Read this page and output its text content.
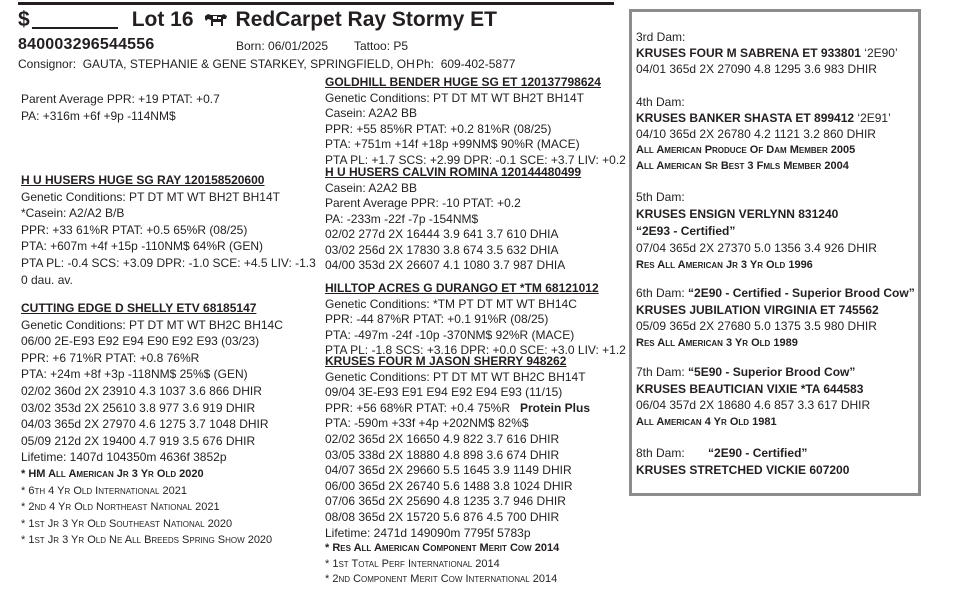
$	Lot 16 RedCarpet Ray Stormy ET
840003296544556	Born: 06/01/2025 Tattoo: P5
Consignor: GAUTA, STEPHANIE & GENE STARKEY, SPRINGFIELD, OH Ph: 609-402-5877
Parent Average PPR: +19 PTAT: +0.7
PA: +316m +6f +9p -114NM$
H U HUSERS HUGE SG RAY 120158520600
Genetic Conditions: PT DT MT WT BH2T BH14T
*Casein: A2/A2 B/B
PPR: +33 61%R PTAT: +0.5 65%R (08/25)
PTA: +607m +4f +15p -110NM$ 64%R (GEN)
PTA PL: -0.4 SCS: +3.09 DPR: -1.0 SCE: +4.5 LIV: -1.3
0 dau. av.
CUTTING EDGE D SHELLY ETV 68185147
Genetic Conditions: PT DT MT WT BH2C BH14C
06/00 2E-E93 E92 E94 E90 E92 E93 (03/23)
PPR: +6 71%R PTAT: +0.8 76%R
PTA: +24m +8f +3p -118NM$ 25%$ (GEN)
02/02 360d 2X 23910 4.3 1037 3.6 866 DHIR
03/02 353d 2X 25610 3.8 977 3.6 919 DHIR
04/03 365d 2X 27970 4.6 1275 3.7 1048 DHIR
05/09 212d 2X 19400 4.7 919 3.5 676 DHIR
Lifetime: 1407d 104350m 4636f 3852p
* HM All American Jr 3 Yr Old 2020
* 6th 4 Yr Old International 2021
* 2nd 4 Yr Old Northeast National 2021
* 1st Jr 3 Yr Old Southeast National 2020
* 1st Jr 3 Yr Old Ne All Breeds Spring Show 2020
GOLDHILL BENDER HUGE SG ET 120137798624
Genetic Conditions: PT DT MT WT BH2T BH14T
Casein: A2A2 BB
PPR: +55 85%R PTAT: +0.2 81%R (08/25)
PTA: +751m +14f +18p +99NM$ 90%R (MACE)
PTA PL: +1.7 SCS: +2.99 DPR: -0.1 SCE: +3.7 LIV: +0.2
H U HUSERS CALVIN ROMINA 120144480499
Casein: A2A2 BB
Parent Average PPR: -10 PTAT: +0.2
PA: -233m -22f -7p -154NM$
02/02 277d 2X 16444 3.9 641 3.7 610 DHIA
03/02 256d 2X 17830 3.8 674 3.5 632 DHIA
04/00 353d 2X 26607 4.1 1080 3.7 987 DHIA
HILLTOP ACRES G DURANGO ET *TM 68121012
Genetic Conditions: *TM PT DT MT WT BH14C
PPR: -44 87%R PTAT: +0.1 91%R (08/25)
PTA: -497m -24f -10p -370NM$ 92%R (MACE)
PTA PL: -1.8 SCS: +3.16 DPR: +0.0 SCE: +3.0 LIV: +1.2
KRUSES FOUR M JASON SHERRY 948262
Genetic Conditions: PT DT MT WT BH2C BH14T
09/04 3E-E93 E91 E94 E92 E94 E93 (11/15)
PPR: +56 68%R PTAT: +0.4 75%R Protein Plus
PTA: -590m +33f +4p +202NM$ 82%$
02/02 365d 2X 16650 4.9 822 3.7 616 DHIR
03/05 338d 2X 18880 4.8 898 3.6 674 DHIR
04/07 365d 2X 29660 5.5 1645 3.9 1149 DHIR
06/00 365d 2X 26740 5.6 1488 3.8 1024 DHIR
07/06 365d 2X 25690 4.8 1235 3.7 946 DHIR
08/08 365d 2X 15720 5.6 876 4.5 700 DHIR
Lifetime: 2471d 149090m 7795f 5783p
* Res All American Component Merit Cow 2014
* 1st Total Perf International 2014
* 2nd Component Merit Cow International 2014
3rd Dam:
KRUSES FOUR M SABRENA ET 933801 ‘2E90’
04/01 365d 2X 27090 4.8 1295 3.6 983 DHIR
4th Dam:
KRUSES BANKER SHASTA ET 899412 ‘2E91’
04/10 365d 2X 26780 4.2 1121 3.2 860 DHIR
All American Produce Of Dam Member 2005
All American Sr Best 3 Fmls Member 2004
5th Dam:
KRUSES ENSIGN VERLYNN 831240
“2E93 - Certified”
07/04 365d 2X 27370 5.0 1356 3.4 926 DHIR
Res All American Jr 3 Yr Old 1996
6th Dam: “2E90 - Certified - Superior Brood Cow”
KRUSES JUBILATION VIRGINIA ET 745562
05/09 365d 2X 27680 5.0 1375 3.5 980 DHIR
Res All American 3 Yr Old 1989
7th Dam: “5E90 - Superior Brood Cow”
KRUSES BEAUTICIAN VIXIE *TA 644583
06/04 357d 2X 18680 4.6 857 3.3 617 DHIR
All American 4 Yr Old 1981
8th Dam: “2E90 - Certified”
KRUSES STRETCHED VICKIE 607200
